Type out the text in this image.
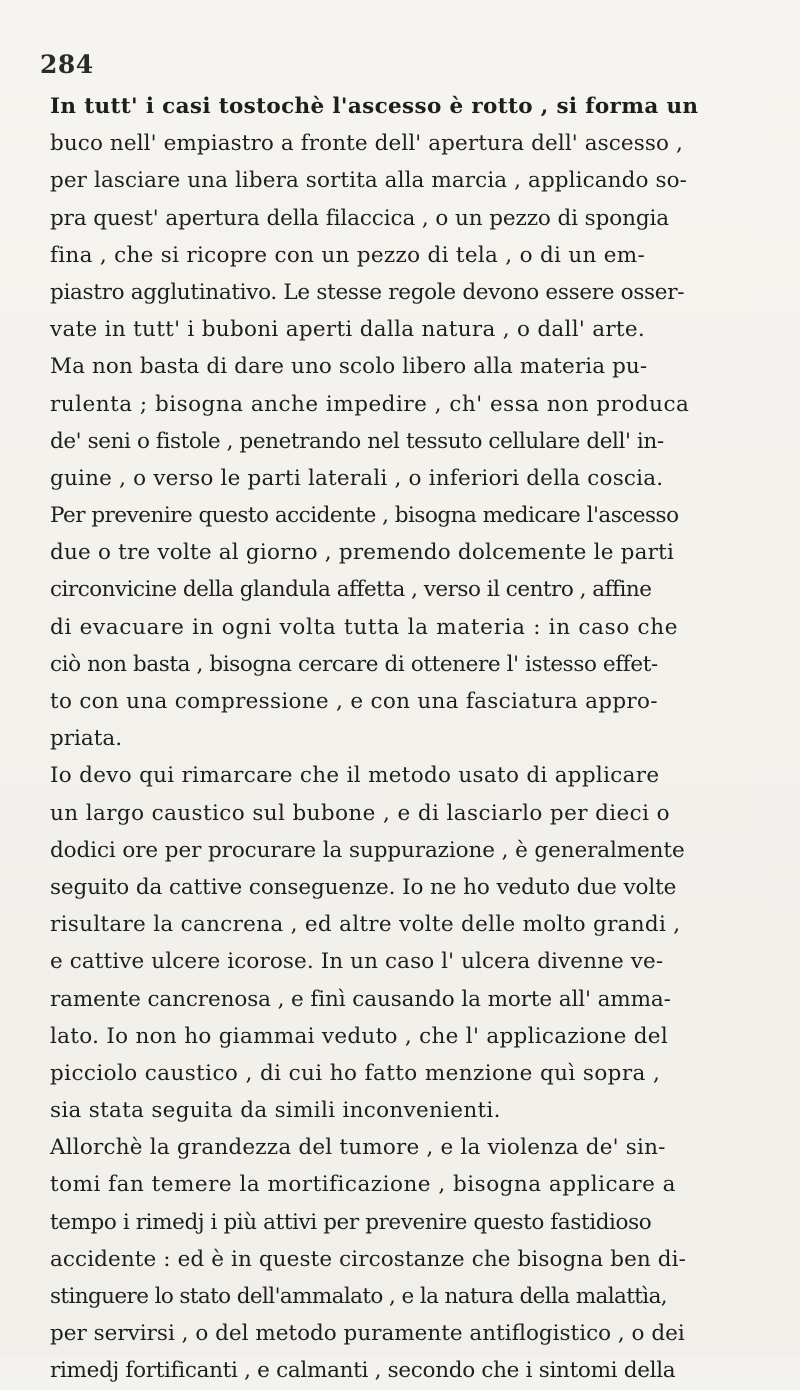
284
In tutt' i casi tostochè l'ascesso è rotto , si forma un
buco nell' empiastro a fronte dell' apertura dell' ascesso ,
per lasciare una libera sortita alla marcia , applicando so-
pra quest' apertura della filaccica , o un pezzo di spongia
fina , che si ricopre con un pezzo di tela , o di un em-
piastro agglutinativo. Le stesse regole devono essere osser-
vate in tutt' i buboni aperti dalla natura , o dall' arte.
Ma non basta di dare uno scolo libero alla materia pu-
rulenta ; bisogna anche impedire , ch' essa non produca
de' seni o fistole , penetrando nel tessuto cellulare dell' in-
guine , o verso le parti laterali , o inferiori della coscia.
Per prevenire questo accidente , bisogna medicare l'ascesso
due o tre volte al giorno , premendo dolcemente le parti
circonvicine della glandula affetta , verso il centro , affine
di evacuare in ogni volta tutta la materia : in caso che
ciò non basta , bisogna cercare di ottenere l' istesso effet-
to con una compressione , e con una fasciatura appro-
priata.
Io devo qui rimarcare che il metodo usato di applicare
un largo caustico sul bubone , e di lasciarlo per dieci o
dodici ore per procurare la suppurazione , è generalmente
seguito da cattive conseguenze. Io ne ho veduto due volte
risultare la cancrena , ed altre volte delle molto grandi ,
e cattive ulcere icorose. In un caso l' ulcera divenne ve-
ramente cancrenosa , e finì causando la morte all' amma-
lato. Io non ho giammai veduto , che l' applicazione del
picciolo caustico , di cui ho fatto menzione quì sopra ,
sia stata seguita da simili inconvenienti.
Allorchè la grandezza del tumore , e la violenza de' sin-
tomi fan temere la mortificazione , bisogna applicare a
tempo i rimedj i più attivi per prevenire questo fastidioso
accidente : ed è in queste circostanze che bisogna ben di-
stinguere lo stato dell'ammalato , e la natura della malattìa,
per servirsi , o del metodo puramente antiflogistico , o dei
rimedj fortificanti , e calmanti , secondo che i sintomi della
